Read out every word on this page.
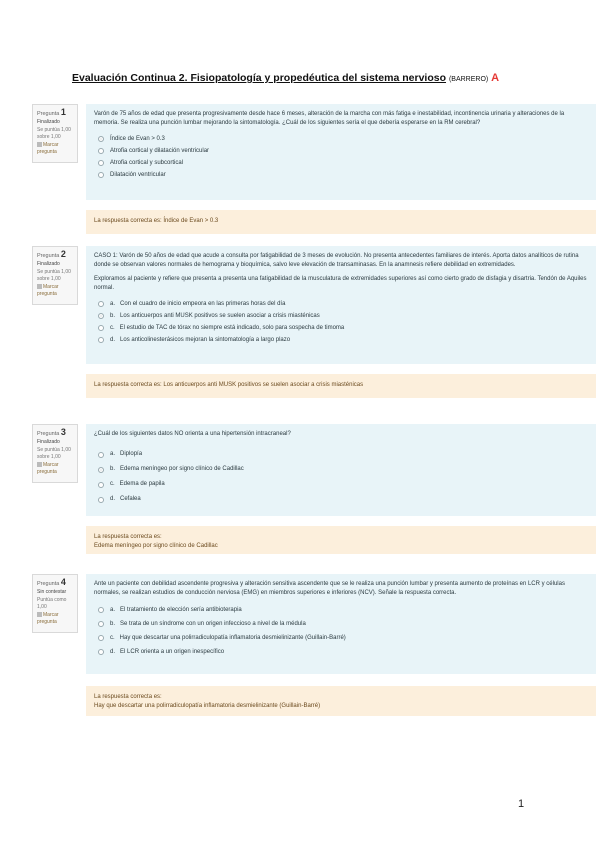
Evaluación Continua 2. Fisiopatología y propedéutica del sistema nervioso (BARRERO) A
Pregunta 1
Finalizado
Se puntúa 1,00 sobre 1,00
Marcar pregunta

Varón de 75 años de edad que presenta progresivamente desde hace 6 meses, alteración de la marcha con más fatiga e inestabilidad, incontinencia urinaria y alteraciones de la memoria. Se realiza una punción lumbar mejorando la sintomatología. ¿Cuál de los siguientes sería el que debería esperarse en la RM cerebral?

Índice de Evan > 0.3
Atrofia cortical y dilatación ventricular
Atrofia cortical y subcortical
Dilatación ventricular
La respuesta correcta es: Índice de Evan > 0.3
Pregunta 2
Finalizado
Se puntúa 1,00 sobre 1,00
Marcar pregunta

CASO 1: Varón de 50 años de edad que acude a consulta por fatigabilidad de 3 meses de evolución. No presenta antecedentes familiares de interés. Aporta datos analíticos de rutina donde se observan valores normales de hemograma y bioquímica, salvo leve elevación de transaminasas. En la anamnesis refiere debilidad en extremidades.

Exploramos al paciente y refiere que presenta a presenta una fatigabilidad de la musculatura de extremidades superiores así como cierto grado de disfagia y disartria. Tendón de Aquiles normal.

a. Con el cuadro de inicio empeora en las primeras horas del día
b. Los anticuerpos anti MUSK positivos se suelen asociar a crisis miasténicas
c. El estudio de TAC de tórax no siempre está indicado, solo para sospecha de timoma
d. Los anticolinesterásicos mejoran la sintomatología a largo plazo
La respuesta correcta es: Los anticuerpos anti MUSK positivos se suelen asociar a crisis miasténicas
Pregunta 3
Finalizado
Se puntúa 1,00 sobre 1,00
Marcar pregunta

¿Cuál de los siguientes datos NO orienta a una hipertensión intracraneal?

a. Diplopía
b. Edema meníngeo por signo clínico de Cadillac
c. Edema de papila
d. Cefalea
La respuesta correcta es:
Edema meníngeo por signo clínico de Cadillac
Pregunta 4
Sin contestar
Puntúa como 1,00
Marcar pregunta

Ante un paciente con debilidad ascendente progresiva y alteración sensitiva ascendente que se le realiza una punción lumbar y presenta aumento de proteínas en LCR y células normales, se realizan estudios de conducción nerviosa (EMG) en miembros superiores e inferiores (NCV). Señale la respuesta correcta.

a. El tratamiento de elección sería antibioterapia
b. Se trata de un síndrome con un origen infeccioso a nivel de la médula
c. Hay que descartar una polirradiculopatía inflamatoria desmielinizante (Guillain-Barré)
d. El LCR orienta a un origen inespecífico
La respuesta correcta es:
Hay que descartar una polirradiculopatía inflamatoria desmielinizante (Guillain-Barré)
1
